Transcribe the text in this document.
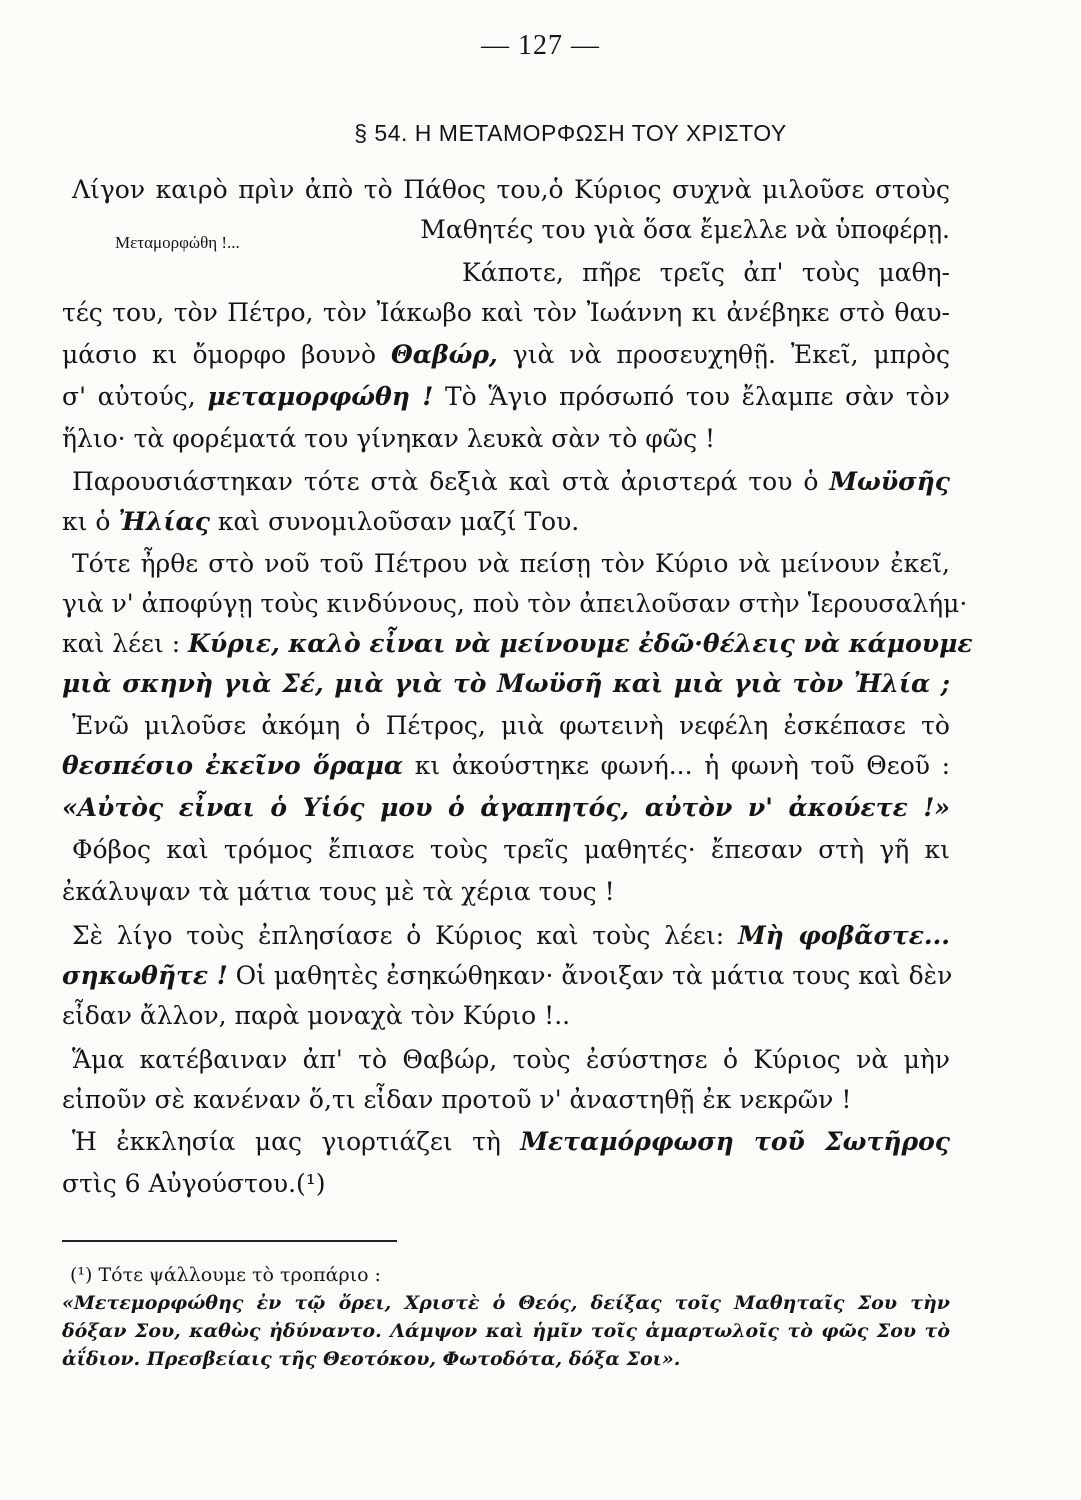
— 127 —
§ 54. Η ΜΕΤΑΜΟΡΦΩΣΗ ΤΟΥ ΧΡΙΣΤΟΥ
Μεταμορφώθη !...
Λίγον καιρὸ πρὶν ἀπὸ τὸ Πάθος του,ὁ Κύριος συχνὰ μιλοῦσε στοὺς
Μαθητές του γιὰ ὅσα ἔμελλε νὰ ὑποφέρῃ.
Κάποτε, πῆρε τρεῖς ἀπ' τοὺς μαθη-
τές του, τὸν Πέτρο, τὸν Ἰάκωβο καὶ τὸν Ἰωάννη κι ἀνέβηκε στὸ θαυ-
μάσιο κι ὄμορφο βουνὸ Θαβώρ, γιὰ νὰ προσευχηθῇ. Ἐκεῖ, μπρὸς
σ' αὐτούς, μεταμορφώθη ! Τὸ Ἅγιο πρόσωπό του ἔλαμπε σὰν τὸν
ἥλιο· τὰ φορέματά του γίνηκαν λευκὰ σὰν τὸ φῶς !
Παρουσιάστηκαν τότε στὰ δεξιὰ καὶ στὰ ἀριστερά του ὁ Μωϋσῆς
κι ὁ Ἠλίας καὶ συνομιλοῦσαν μαζί Του.
Τότε ἦρθε στὸ νοῦ τοῦ Πέτρου νὰ πείσῃ τὸν Κύριο νὰ μείνουν ἐκεῖ,
γιὰ ν' ἀποφύγῃ τοὺς κινδύνους, ποὺ τὸν ἀπειλοῦσαν στὴν Ἱερουσαλήμ·
καὶ λέει : Κύριε, καλὸ εἶναι νὰ μείνουμε ἐδῶ·θέλεις νὰ κάμουμε
μιὰ σκηνὴ γιὰ Σέ, μιὰ γιὰ τὸ Μωϋσῆ καὶ μιὰ γιὰ τὸν Ἠλία ;
Ἐνῶ μιλοῦσε ἀκόμη ὁ Πέτρος, μιὰ φωτεινὴ νεφέλη ἐσκέπασε τὸ
θεσπέσιο ἐκεῖνο ὅραμα κι ἀκούστηκε φωνή... ἡ φωνὴ τοῦ Θεοῦ :
«Αὐτὸς εἶναι ὁ Υἱός μου ὁ ἀγαπητός, αὐτὸν ν' ἀκούετε !»
Φόβος καὶ τρόμος ἔπιασε τοὺς τρεῖς μαθητές· ἔπεσαν στὴ γῆ κι
ἐκάλυψαν τὰ μάτια τους μὲ τὰ χέρια τους !
Σὲ λίγο τοὺς ἐπλησίασε ὁ Κύριος καὶ τοὺς λέει: Μὴ φοβᾶστε...
σηκωθῆτε ! Οἱ μαθητὲς ἐσηκώθηκαν· ἄνοιξαν τὰ μάτια τους καὶ δὲν
εἶδαν ἄλλον, παρὰ μοναχὰ τὸν Κύριο !..
Ἅμα κατέβαιναν ἀπ' τὸ Θαβώρ, τοὺς ἐσύστησε ὁ Κύριος νὰ μὴν
εἰποῦν σὲ κανέναν ὅ,τι εἶδαν προτοῦ ν' ἀναστηθῇ ἐκ νεκρῶν !
Ἡ ἐκκλησία μας γιορτιάζει τὴ Μεταμόρφωση τοῦ Σωτῆρος
στὶς 6 Αὐγούστου.(¹)
(¹) Τότε ψάλλουμε τὸ τροπάριο :
«Μετεμορφώθης ἐν τῷ ὄρει, Χριστὲ ὁ Θεός, δείξας τοῖς Μαθηταῖς Σου τὴν
δόξαν Σου, καθὼς ἠδύναντο. Λάμψον καὶ ἡμῖν τοῖς ἁμαρτωλοῖς τὸ φῶς Σου τὸ
ἀΐδιον. Πρεσβείαις τῆς Θεοτόκου, Φωτοδότα, δόξα Σοι».
